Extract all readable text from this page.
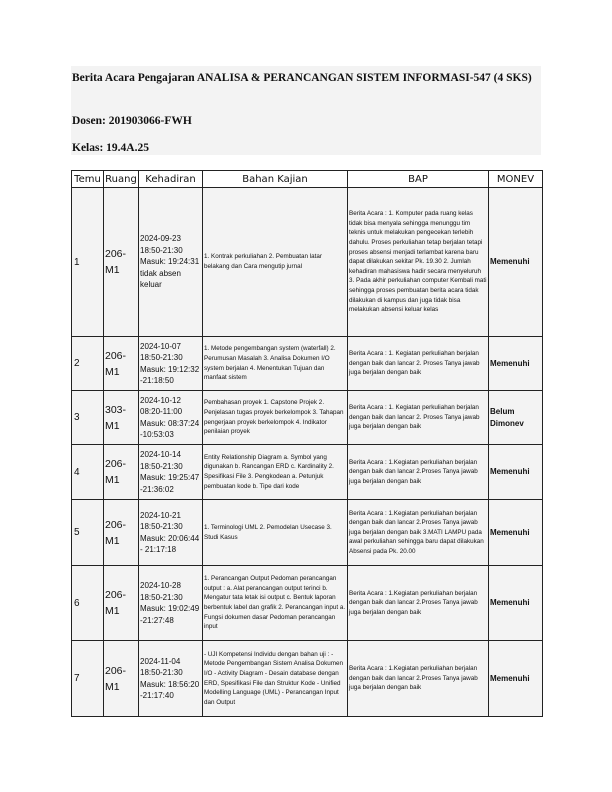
Berita Acara Pengajaran ANALISA & PERANCANGAN SISTEM INFORMASI-547 (4 SKS)
Dosen: 201903066-FWH
Kelas: 19.4A.25
Temu	Ruang	Kehadiran	Bahan Kajian	BAP	MONEV
1	206-M1	2024-09-23 18:50-21:30 Masuk: 19:24:31 tidak absen keluar	1. Kontrak perkuliahan 2. Pembuatan latar belakang dan Cara mengutip jurnal	Berita Acara : 1. Komputer pada ruang kelas tidak bisa menyala sehingga menunggu tim teknis untuk melakukan pengecekan terlebih dahulu. Proses perkuliahan tetap berjalan tetapi proses absensi menjadi terlambat karena baru dapat dilakukan sekitar Pk. 19.30 2. Jumlah kehadiran mahasiswa hadir secara menyeluruh 3. Pada akhir perkuliahan computer Kembali mati sehingga proses pembuatan berita acara tidak dilakukan di kampus dan juga tidak bisa melakukan absensi keluar kelas	Memenuhi
2	206-M1	2024-10-07 18:50-21:30 Masuk: 19:12:32 -21:18:50	1. Metode pengembangan system (waterfall) 2. Perumusan Masalah 3. Analisa Dokumen I/O system berjalan 4. Menentukan Tujuan dan manfaat sistem	Berita Acara : 1. Kegiatan perkuliahan berjalan dengan baik dan lancar 2. Proses Tanya jawab juga berjalan dengan baik	Memenuhi
3	303-M1	2024-10-12 08:20-11:00 Masuk: 08:37:24 -10:53:03	Pembahasan proyek 1. Capstone Projek 2. Penjelasan tugas proyek berkelompok 3. Tahapan pengerjaan proyek berkelompok 4. Indikator penilaian proyek	Berita Acara : 1. Kegiatan perkuliahan berjalan dengan baik dan lancar 2. Proses Tanya jawab juga berjalan dengan baik	Belum Dimonev
4	206-M1	2024-10-14 18:50-21:30 Masuk: 19:25:47 -21:36:02	Entity Relationship Diagram a. Symbol yang digunakan b. Rancangan ERD c. Kardinality 2. Spesifikasi File 3. Pengkodean a. Petunjuk pembuatan kode b. Tipe dari kode	Berita Acara : 1.Kegiatan perkuliahan berjalan dengan baik dan lancar 2.Proses Tanya jawab juga berjalan dengan baik	Memenuhi
5	206-M1	2024-10-21 18:50-21:30 Masuk: 20:06:44 - 21:17:18	1. Terminologi UML 2. Pemodelan Usecase 3. Studi Kasus	Berita Acara : 1.Kegiatan perkuliahan berjalan dengan baik dan lancar 2.Proses Tanya jawab juga berjalan dengan baik 3.MATI LAMPU pada awal perkuliahan sehingga baru dapat dilakukan Absensi pada Pk. 20.00	Memenuhi
6	206-M1	2024-10-28 18:50-21:30 Masuk: 19:02:49 -21:27:48	1. Perancangan Output Pedoman perancangan output : a. Alat perancangan output terinci b. Mengatur tata letak isi output c. Bentuk laporan berbentuk label dan grafik 2. Perancangan input a. Fungsi dokumen dasar Pedoman perancangan input	Berita Acara : 1.Kegiatan perkuliahan berjalan dengan baik dan lancar 2.Proses Tanya jawab juga berjalan dengan baik	Memenuhi
7	206-M1	2024-11-04 18:50-21:30 Masuk: 18:56:20 -21:17:40	- UJI Kompetensi Individu dengan bahan uji : - Metode Pengembangan Sistem Analisa Dokumen I/O - Activity Diagram - Desain database dengan ERD, Spesifikasi File dan Struktur Kode - Unified Modelling Language (UML) - Perancangan Input dan Output	Berita Acara : 1.Kegiatan perkuliahan berjalan dengan baik dan lancar 2.Proses Tanya jawab juga berjalan dengan baik	Memenuhi
